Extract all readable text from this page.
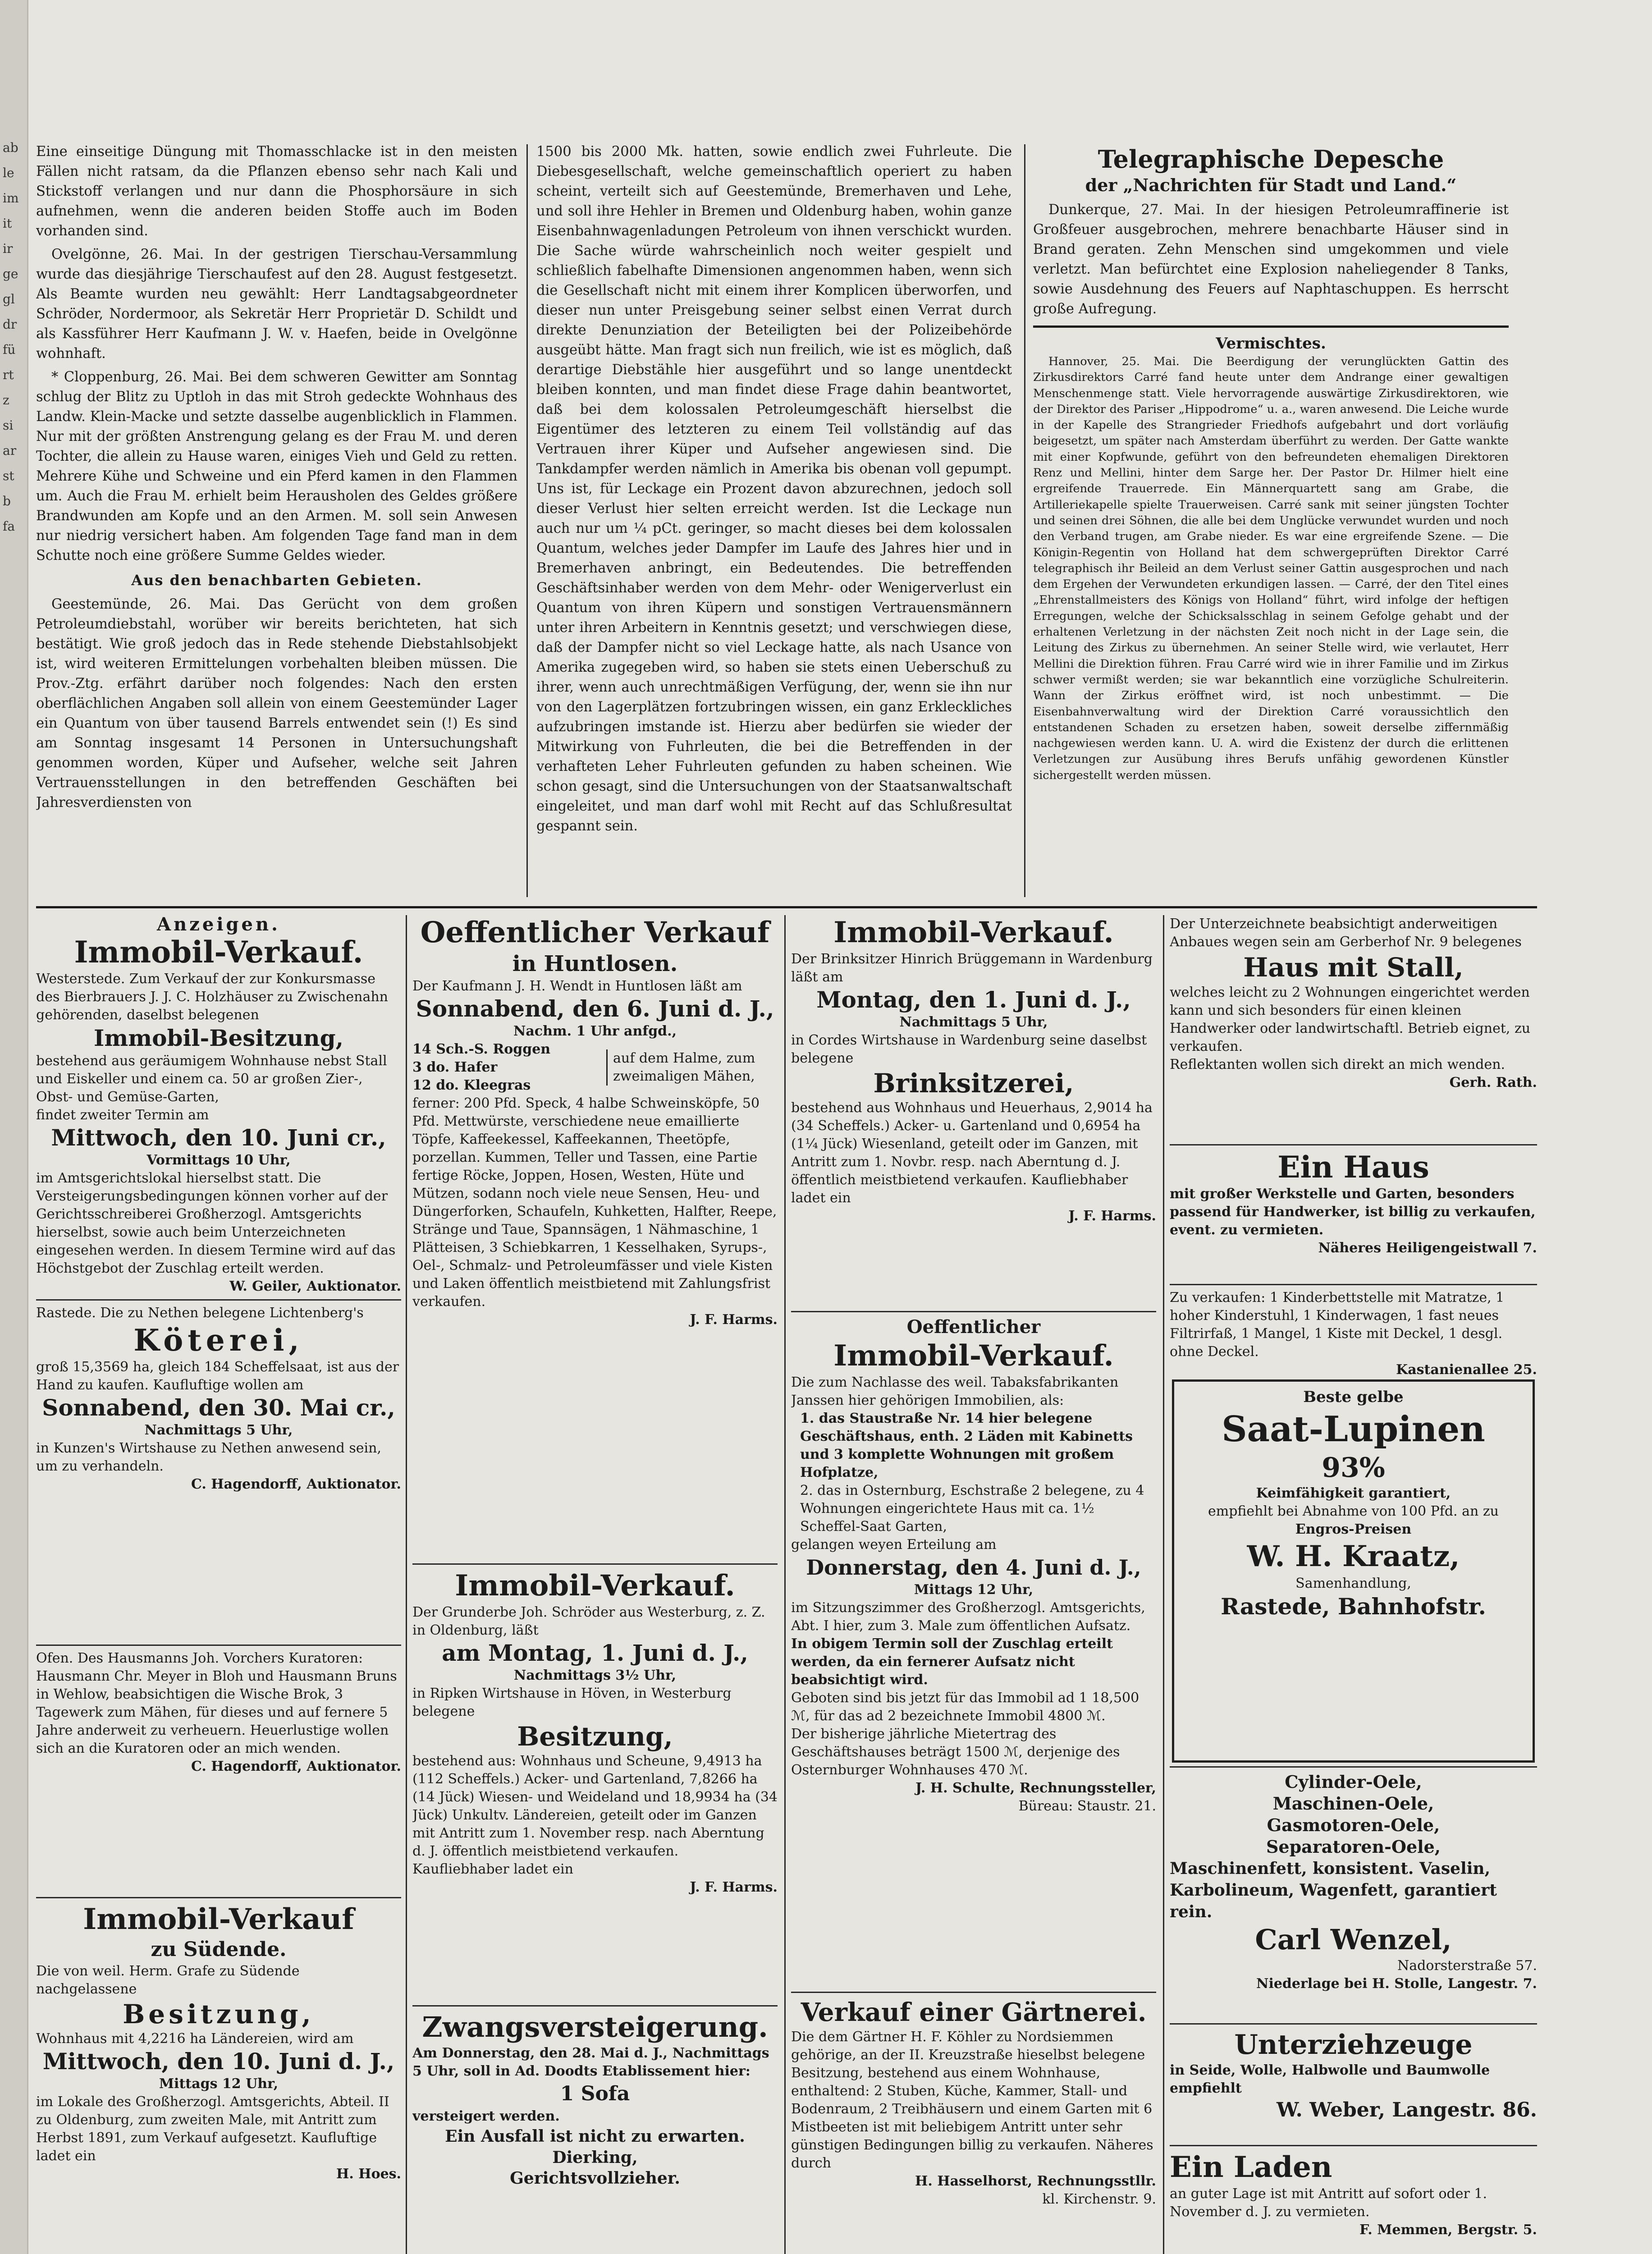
ab
le
im
it
ir
ge
gl
dr
fü
rt
z
si
ar
st
b
fa

Eine einseitige Düngung mit Thomasschlacke ist in den meisten Fällen nicht ratsam, da die Pflanzen ebenso sehr nach Kali und Stickstoff verlangen und nur dann die Phosphorsäure in sich aufnehmen, wenn die anderen beiden Stoffe auch im Boden vorhanden sind.

Ovelgönne, 26. Mai. In der gestrigen Tierschau-Versammlung wurde das diesjährige Tierschaufest auf den 28. August festgesetzt. Als Beamte wurden neu gewählt: Herr Landtagsabgeordneter Schröder, Nordermoor, als Sekretär Herr Proprietär D. Schildt und als Kassführer Herr Kaufmann J. W. v. Haefen, beide in Ovelgönne wohnhaft.

* Cloppenburg, 26. Mai. Bei dem schweren Gewitter am Sonntag schlug der Blitz zu Uptloh in das mit Stroh gedeckte Wohnhaus des Landw. Klein-Macke und setzte dasselbe augenblicklich in Flammen. Nur mit der größten Anstrengung gelang es der Frau M. und deren Tochter, die allein zu Hause waren, einiges Vieh und Geld zu retten. Mehrere Kühe und Schweine und ein Pferd kamen in den Flammen um. Auch die Frau M. erhielt beim Herausholen des Geldes größere Brandwunden am Kopfe und an den Armen. M. soll sein Anwesen nur niedrig versichert haben. Am folgenden Tage fand man in dem Schutte noch eine größere Summe Geldes wieder.

Aus den benachbarten Gebieten.

Geestemünde, 26. Mai. Das Gerücht von dem großen Petroleumdiebstahl, worüber wir bereits berichteten, hat sich bestätigt. Wie groß jedoch das in Rede stehende Diebstahlsobjekt ist, wird weiteren Ermittelungen vorbehalten bleiben müssen. Die Prov.-Ztg. erfährt darüber noch folgendes: Nach den ersten oberflächlichen Angaben soll allein von einem Geestemünder Lager ein Quantum von über tausend Barrels entwendet sein (!) Es sind am Sonntag insgesamt 14 Personen in Untersuchungshaft genommen worden, Küper und Aufseher, welche seit Jahren Vertrauensstellungen in den betreffenden Geschäften bei Jahresverdiensten von

1500 bis 2000 Mk. hatten, sowie endlich zwei Fuhrleute. Die Diebesgesellschaft, welche gemeinschaftlich operiert zu haben scheint, verteilt sich auf Geestemünde, Bremerhaven und Lehe, und soll ihre Hehler in Bremen und Oldenburg haben, wohin ganze Eisenbahnwagenladungen Petroleum von ihnen verschickt wurden. Die Sache würde wahrscheinlich noch weiter gespielt und schließlich fabelhafte Dimensionen angenommen haben, wenn sich die Gesellschaft nicht mit einem ihrer Komplicen überworfen, und dieser nun unter Preisgebung seiner selbst einen Verrat durch direkte Denunziation der Beteiligten bei der Polizeibehörde ausgeübt hätte. Man fragt sich nun freilich, wie ist es möglich, daß derartige Diebstähle hier ausgeführt und so lange unentdeckt bleiben konnten, und man findet diese Frage dahin beantwortet, daß bei dem kolossalen Petroleumgeschäft hierselbst die Eigentümer des letzteren zu einem Teil vollständig auf das Vertrauen ihrer Küper und Aufseher angewiesen sind. Die Tankdampfer werden nämlich in Amerika bis obenan voll gepumpt. Uns ist, für Leckage ein Prozent davon abzurechnen, jedoch soll dieser Verlust hier selten erreicht werden. Ist die Leckage nun auch nur um ¼ pCt. geringer, so macht dieses bei dem kolossalen Quantum, welches jeder Dampfer im Laufe des Jahres hier und in Bremerhaven anbringt, ein Bedeutendes. Die betreffenden Geschäftsinhaber werden von dem Mehr- oder Wenigerverlust ein Quantum von ihren Küpern und sonstigen Vertrauensmännern unter ihren Arbeitern in Kenntnis gesetzt; und verschwiegen diese, daß der Dampfer nicht so viel Leckage hatte, als nach Usance von Amerika zugegeben wird, so haben sie stets einen Ueberschuß zu ihrer, wenn auch unrechtmäßigen Verfügung, der, wenn sie ihn nur von den Lagerplätzen fortzubringen wissen, ein ganz Erkleckliches aufzubringen imstande ist. Hierzu aber bedürfen sie wieder der Mitwirkung von Fuhrleuten, die bei die Betreffenden in der verhafteten Leher Fuhrleuten gefunden zu haben scheinen. Wie schon gesagt, sind die Untersuchungen von der Staatsanwaltschaft eingeleitet, und man darf wohl mit Recht auf das Schlußresultat gespannt sein.

Telegraphische Depesche
der „Nachrichten für Stadt und Land.“

Dunkerque, 27. Mai. In der hiesigen Petroleumraffinerie ist Großfeuer ausgebrochen, mehrere benachbarte Häuser sind in Brand geraten. Zehn Menschen sind umgekommen und viele verletzt. Man befürchtet eine Explosion naheliegender 8 Tanks, sowie Ausdehnung des Feuers auf Naphtaschuppen. Es herrscht große Aufregung.

Vermischtes.

Hannover, 25. Mai. Die Beerdigung der verunglückten Gattin des Zirkusdirektors Carré fand heute unter dem Andrange einer gewaltigen Menschenmenge statt. Viele hervorragende auswärtige Zirkusdirektoren, wie der Direktor des Pariser „Hippodrome“ u. a., waren anwesend. Die Leiche wurde in der Kapelle des Strangrieder Friedhofs aufgebahrt und dort vorläufig beigesetzt, um später nach Amsterdam überführt zu werden. Der Gatte wankte mit einer Kopfwunde, geführt von den befreundeten ehemaligen Direktoren Renz und Mellini, hinter dem Sarge her. Der Pastor Dr. Hilmer hielt eine ergreifende Trauerrede. Ein Männerquartett sang am Grabe, die Artilleriekapelle spielte Trauerweisen. Carré sank mit seiner jüngsten Tochter und seinen drei Söhnen, die alle bei dem Unglücke verwundet wurden und noch den Verband trugen, am Grabe nieder. Es war eine ergreifende Szene. — Die Königin-Regentin von Holland hat dem schwergeprüften Direktor Carré telegraphisch ihr Beileid an dem Verlust seiner Gattin ausgesprochen und nach dem Ergehen der Verwundeten erkundigen lassen. — Carré, der den Titel eines „Ehrenstallmeisters des Königs von Holland“ führt, wird infolge der heftigen Erregungen, welche der Schicksalsschlag in seinem Gefolge gehabt und der erhaltenen Verletzung in der nächsten Zeit noch nicht in der Lage sein, die Leitung des Zirkus zu übernehmen. An seiner Stelle wird, wie verlautet, Herr Mellini die Direktion führen. Frau Carré wird wie in ihrer Familie und im Zirkus schwer vermißt werden; sie war bekanntlich eine vorzügliche Schulreiterin. Wann der Zirkus eröffnet wird, ist noch unbestimmt. — Die Eisenbahnverwaltung wird der Direktion Carré voraussichtlich den entstandenen Schaden zu ersetzen haben, soweit derselbe ziffernmäßig nachgewiesen werden kann. U. A. wird die Existenz der durch die erlittenen Verletzungen zur Ausübung ihres Berufs unfähig gewordenen Künstler sichergestellt werden müssen.

Anzeigen.
Immobil-Verkauf.

Westerstede. Zum Verkauf der zur Konkursmasse des Bierbrauers J. J. C. Holzhäuser zu Zwischenahn gehörenden, daselbst belegenen

Immobil-Besitzung,

bestehend aus geräumigem Wohnhause nebst Stall und Eiskeller und einem ca. 50 ar großen Zier-, Obst- und Gemüse-Garten,

findet zweiter Termin am

Mittwoch, den 10. Juni cr.,

Vormittags 10 Uhr,

im Amtsgerichtslokal hierselbst statt. Die Versteigerungsbedingungen können vorher auf der Gerichtsschreiberei Großherzogl. Amtsgerichts hierselbst, sowie auch beim Unterzeichneten eingesehen werden. In diesem Termine wird auf das Höchstgebot der Zuschlag erteilt werden.

W. Geiler, Auktionator.

Rastede. Die zu Nethen belegene Lichtenberg's

Köterei,

groß 15,3569 ha, gleich 184 Scheffelsaat, ist aus der Hand zu kaufen. Kaufluftige wollen am

Sonnabend, den 30. Mai cr.,

Nachmittags 5 Uhr,

in Kunzen's Wirtshause zu Nethen anwesend sein, um zu verhandeln.

C. Hagendorff, Auktionator.

Ofen. Des Hausmanns Joh. Vorchers Kuratoren: Hausmann Chr. Meyer in Bloh und Hausmann Bruns in Wehlow, beabsichtigen die Wische Brok, 3 Tagewerk zum Mähen, für dieses und auf fernere 5 Jahre anderweit zu verheuern. Heuerlustige wollen sich an die Kuratoren oder an mich wenden.

C. Hagendorff, Auktionator.

Immobil-Verkauf
zu Südende.

Die von weil. Herm. Grafe zu Südende nachgelassene

Besitzung,

Wohnhaus mit 4,2216 ha Ländereien, wird am

Mittwoch, den 10. Juni d. J.,

Mittags 12 Uhr,

im Lokale des Großherzogl. Amtsgerichts, Abteil. II zu Oldenburg, zum zweiten Male, mit Antritt zum Herbst 1891, zum Verkauf aufgesetzt. Kaufluftige ladet ein

H. Hoes.

Oeffentlicher Verkauf
in Huntlosen.

Der Kaufmann J. H. Wendt in Huntlosen läßt am

Sonnabend, den 6. Juni d. J.,

Nachm. 1 Uhr anfgd.,

14 Sch.-S. Roggen
3 do. Hafer
12 do. Kleegras
auf dem Halme, zum zweimaligen Mähen,

ferner: 200 Pfd. Speck, 4 halbe Schweinsköpfe, 50 Pfd. Mettwürste, verschiedene neue emaillierte Töpfe, Kaffeekessel, Kaffeekannen, Theetöpfe, porzellan. Kummen, Teller und Tassen, eine Partie fertige Röcke, Joppen, Hosen, Westen, Hüte und Mützen, sodann noch viele neue Sensen, Heu- und Düngerforken, Schaufeln, Kuhketten, Halfter, Reepe, Stränge und Taue, Spannsägen, 1 Nähmaschine, 1 Plätteisen, 3 Schiebkarren, 1 Kesselhaken, Syrups-, Oel-, Schmalz- und Petroleumfässer und viele Kisten und Laken öffentlich meistbietend mit Zahlungsfrist verkaufen.

J. F. Harms.

Immobil-Verkauf.

Der Grunderbe Joh. Schröder aus Westerburg, z. Z. in Oldenburg, läßt

am Montag, 1. Juni d. J.,

Nachmittags 3½ Uhr,

in Ripken Wirtshause in Höven, in Westerburg belegene

Besitzung,

bestehend aus: Wohnhaus und Scheune, 9,4913 ha (112 Scheffels.) Acker- und Gartenland, 7,8266 ha (14 Jück) Wiesen- und Weideland und 18,9934 ha (34 Jück) Unkultv. Ländereien, geteilt oder im Ganzen mit Antritt zum 1. November resp. nach Aberntung d. J. öffentlich meistbietend verkaufen. Kaufliebhaber ladet ein

J. F. Harms.

Zwangsversteigerung.

Am Donnerstag, den 28. Mai d. J., Nachmittags 5 Uhr, soll in Ad. Doodts Etablissement hier:

1 Sofa

versteigert werden.

Ein Ausfall ist nicht zu erwarten.

Dierking,

Gerichtsvollzieher.

Immobil-Verkauf.

Der Brinksitzer Hinrich Brüggemann in Wardenburg läßt am

Montag, den 1. Juni d. J.,

Nachmittags 5 Uhr,

in Cordes Wirtshause in Wardenburg seine daselbst belegene

Brinksitzerei,

bestehend aus Wohnhaus und Heuerhaus, 2,9014 ha (34 Scheffels.) Acker- u. Gartenland und 0,6954 ha (1¼ Jück) Wiesenland, geteilt oder im Ganzen, mit Antritt zum 1. Novbr. resp. nach Aberntung d. J. öffentlich meistbietend verkaufen. Kaufliebhaber ladet ein

J. F. Harms.

Oeffentlicher
Immobil-Verkauf.

Die zum Nachlasse des weil. Tabaksfabrikanten Janssen hier gehörigen Immobilien, als:

1. das Staustraße Nr. 14 hier belegene Geschäftshaus, enth. 2 Läden mit Kabinetts und 3 komplette Wohnungen mit großem Hofplatze,

2. das in Osternburg, Eschstraße 2 belegene, zu 4 Wohnungen eingerichtete Haus mit ca. 1½ Scheffel-Saat Garten,

gelangen weyen Erteilung am

Donnerstag, den 4. Juni d. J.,

Mittags 12 Uhr,

im Sitzungszimmer des Großherzogl. Amtsgerichts, Abt. I hier, zum 3. Male zum öffentlichen Aufsatz.

In obigem Termin soll der Zuschlag erteilt werden, da ein fernerer Aufsatz nicht beabsichtigt wird.

Geboten sind bis jetzt für das Immobil ad 1 18,500 ℳ, für das ad 2 bezeichnete Immobil 4800 ℳ.

Der bisherige jährliche Mietertrag des Geschäftshauses beträgt 1500 ℳ, derjenige des Osternburger Wohnhauses 470 ℳ.

J. H. Schulte, Rechnungssteller,

Büreau: Staustr. 21.

Verkauf einer Gärtnerei.

Die dem Gärtner H. F. Köhler zu Nordsiemmen gehörige, an der II. Kreuzstraße hieselbst belegene Besitzung, bestehend aus einem Wohnhause, enthaltend: 2 Stuben, Küche, Kammer, Stall- und Bodenraum, 2 Treibhäusern und einem Garten mit 6 Mistbeeten ist mit beliebigem Antritt unter sehr günstigen Bedingungen billig zu verkaufen. Näheres durch

H. Hasselhorst, Rechnungsstllr.

kl. Kirchenstr. 9.

Der Unterzeichnete beabsichtigt anderweitigen Anbaues wegen sein am Gerberhof Nr. 9 belegenes

Haus mit Stall,

welches leicht zu 2 Wohnungen eingerichtet werden kann und sich besonders für einen kleinen Handwerker oder landwirtschaftl. Betrieb eignet, zu verkaufen.

Reflektanten wollen sich direkt an mich wenden.

Gerh. Rath.

Ein Haus

mit großer Werkstelle und Garten, besonders passend für Handwerker, ist billig zu verkaufen, event. zu vermieten.

Näheres Heiligengeistwall 7.

Zu verkaufen: 1 Kinderbettstelle mit Matratze, 1 hoher Kinderstuhl, 1 Kinderwagen, 1 fast neues Filtrirfaß, 1 Mangel, 1 Kiste mit Deckel, 1 desgl. ohne Deckel.

Kastanienallee 25.

Beste gelbe

Saat-Lupinen
93%

Keimfähigkeit garantiert,

empfiehlt bei Abnahme von 100 Pfd. an zu

Engros-Preisen

W. H. Kraatz,

Samenhandlung,

Rastede, Bahnhofstr.

Cylinder-Oele,

Maschinen-Oele,

Gasmotoren-Oele,

Separatoren-Oele,

Maschinenfett, konsistent. Vaselin, Karbolineum, Wagenfett, garantiert rein.

Carl Wenzel,

Nadorsterstraße 57.

Niederlage bei H. Stolle, Langestr. 7.

Unterziehzeuge

in Seide, Wolle, Halbwolle und Baumwolle empfiehlt

W. Weber, Langestr. 86.

Ein Laden

an guter Lage ist mit Antritt auf sofort oder 1. November d. J. zu vermieten.

F. Memmen, Bergstr. 5.
